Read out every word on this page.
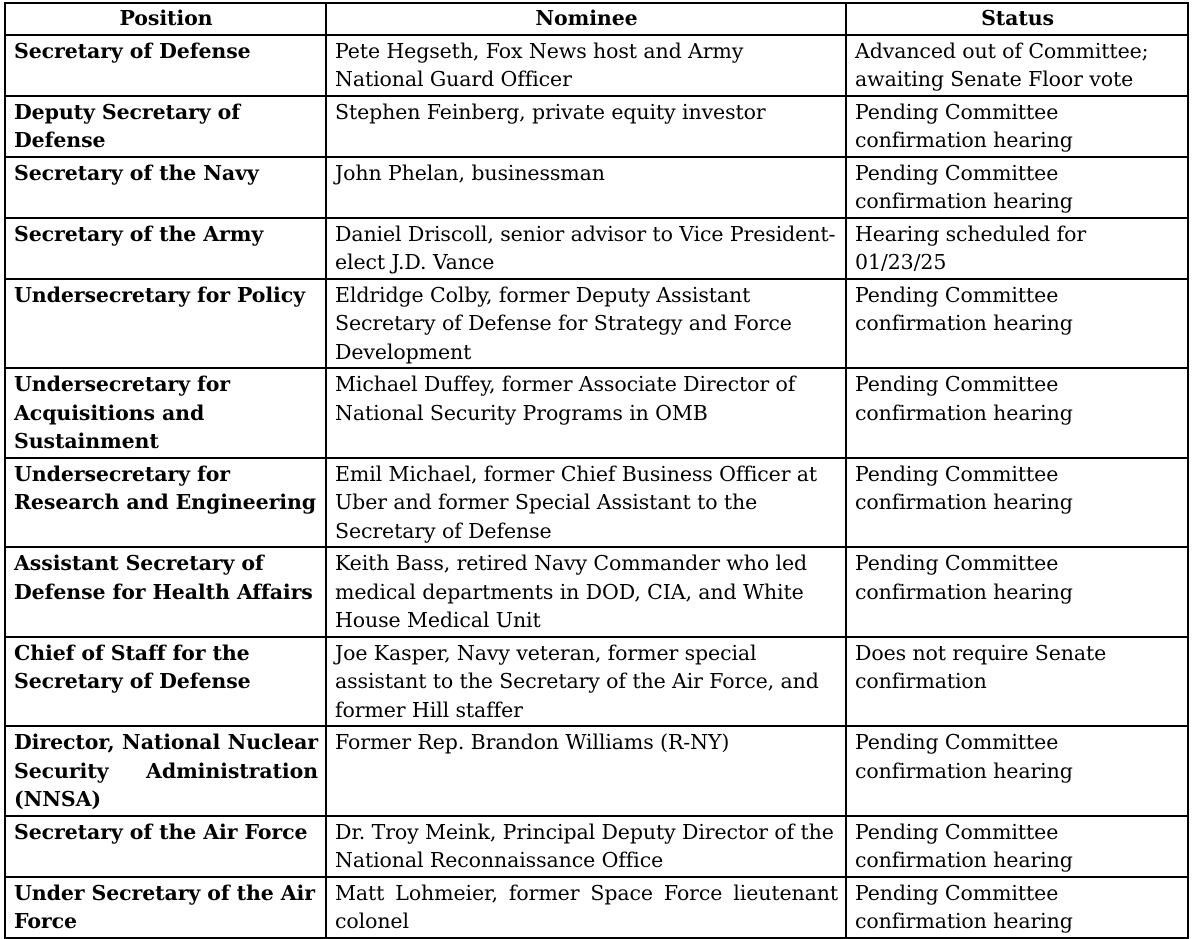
Position	Nominee	Status
Secretary of Defense	Pete Hegseth, Fox News host and Army National Guard Officer	Advanced out of Committee; awaiting Senate Floor vote
Deputy Secretary of Defense	Stephen Feinberg, private equity investor	Pending Committee confirmation hearing
Secretary of the Navy	John Phelan, businessman	Pending Committee confirmation hearing
Secretary of the Army	Daniel Driscoll, senior advisor to Vice President-elect J.D. Vance	Hearing scheduled for 01/23/25
Undersecretary for Policy	Eldridge Colby, former Deputy Assistant Secretary of Defense for Strategy and Force Development	Pending Committee confirmation hearing
Undersecretary for Acquisitions and Sustainment	Michael Duffey, former Associate Director of National Security Programs in OMB	Pending Committee confirmation hearing
Undersecretary for Research and Engineering	Emil Michael, former Chief Business Officer at Uber and former Special Assistant to the Secretary of Defense	Pending Committee confirmation hearing
Assistant Secretary of Defense for Health Affairs	Keith Bass, retired Navy Commander who led medical departments in DOD, CIA, and White House Medical Unit	Pending Committee confirmation hearing
Chief of Staff for the Secretary of Defense	Joe Kasper, Navy veteran, former special assistant to the Secretary of the Air Force, and former Hill staffer	Does not require Senate confirmation
Director, National Nuclear Security Administration (NNSA)	Former Rep. Brandon Williams (R-NY)	Pending Committee confirmation hearing
Secretary of the Air Force	Dr. Troy Meink, Principal Deputy Director of the National Reconnaissance Office	Pending Committee confirmation hearing
Under Secretary of the Air Force	Matt Lohmeier, former Space Force lieutenant colonel	Pending Committee confirmation hearing
